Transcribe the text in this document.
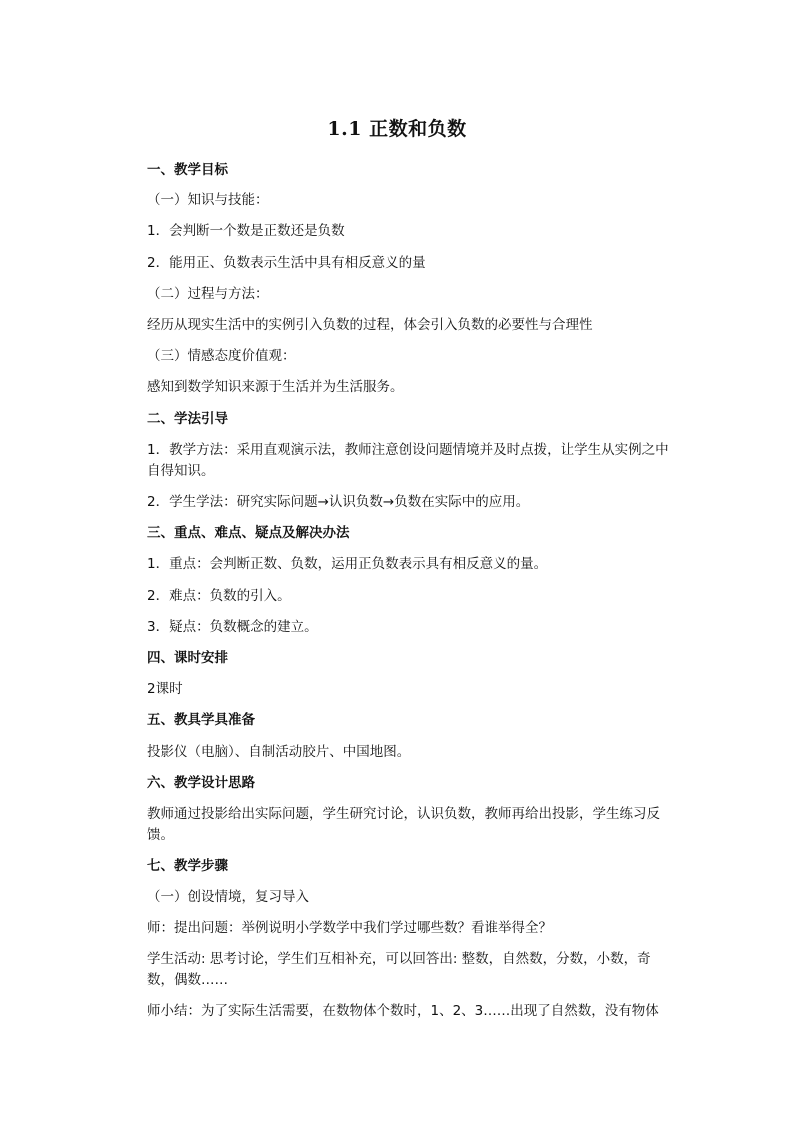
1.1 正数和负数
一、教学目标
（一）知识与技能：
1．会判断一个数是正数还是负数
2．能用正、负数表示生活中具有相反意义的量
（二）过程与方法：
经历从现实生活中的实例引入负数的过程，体会引入负数的必要性与合理性
（三）情感态度价值观：
感知到数学知识来源于生活并为生活服务。
二、学法引导
1．教学方法：采用直观演示法，教师注意创设问题情境并及时点拨，让学生从实例之中自得知识。
2．学生学法：研究实际问题→认识负数→负数在实际中的应用。
三、重点、难点、疑点及解决办法
1．重点：会判断正数、负数，运用正负数表示具有相反意义的量。
2．难点：负数的引入。
3．疑点：负数概念的建立。
四、课时安排
2课时
五、教具学具准备
投影仪（电脑）、自制活动胶片、中国地图。
六、教学设计思路
教师通过投影给出实际问题，学生研究讨论，认识负数，教师再给出投影，学生练习反馈。
七、教学步骤
（一）创设情境，复习导入
师：提出问题：举例说明小学数学中我们学过哪些数？看谁举得全？
学生活动: 思考讨论，学生们互相补充，可以回答出: 整数，自然数，分数，小数，奇数，偶数……
师小结：为了实际生活需要，在数物体个数时，1、2、3……出现了自然数，没有物体
